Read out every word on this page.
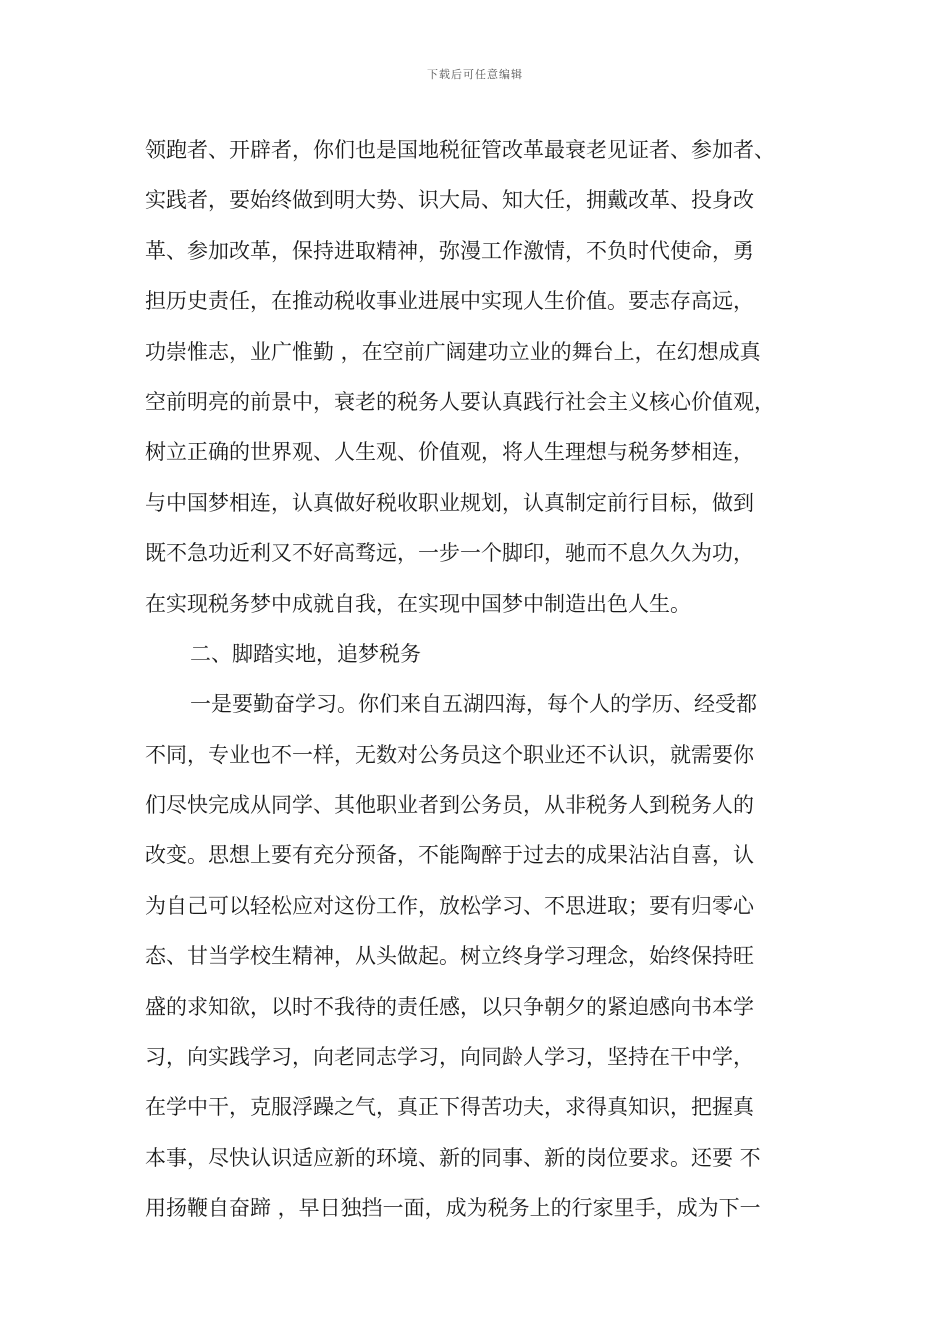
下载后可任意编辑
领跑者、开辟者，你们也是国地税征管改革最衰老见证者、参加者、
实践者，要始终做到明大势、识大局、知大任，拥戴改革、投身改
革、参加改革，保持进取精神，弥漫工作激情，不负时代使命，勇
担历史责任，在推动税收事业进展中实现人生价值。要志存高远，
功崇惟志，业广惟勤 ，在空前广阔建功立业的舞台上，在幻想成真
空前明亮的前景中，衰老的税务人要认真践行社会主义核心价值观，
树立正确的世界观、人生观、价值观，将人生理想与税务梦相连，
与中国梦相连，认真做好税收职业规划，认真制定前行目标，做到
既不急功近利又不好高骛远，一步一个脚印，驰而不息久久为功，
在实现税务梦中成就自我，在实现中国梦中制造出色人生。
二、脚踏实地，追梦税务
一是要勤奋学习。你们来自五湖四海，每个人的学历、经受都
不同，专业也不一样，无数对公务员这个职业还不认识，就需要你
们尽快完成从同学、其他职业者到公务员，从非税务人到税务人的
改变。思想上要有充分预备，不能陶醉于过去的成果沾沾自喜，认
为自己可以轻松应对这份工作，放松学习、不思进取；要有归零心
态、甘当学校生精神，从头做起。树立终身学习理念，始终保持旺
盛的求知欲，以时不我待的责任感，以只争朝夕的紧迫感向书本学
习，向实践学习，向老同志学习，向同龄人学习，坚持在干中学，
在学中干，克服浮躁之气，真正下得苦功夫，求得真知识，把握真
本事，尽快认识适应新的环境、新的同事、新的岗位要求。还要 不
用扬鞭自奋蹄 ，早日独挡一面，成为税务上的行家里手，成为下一
